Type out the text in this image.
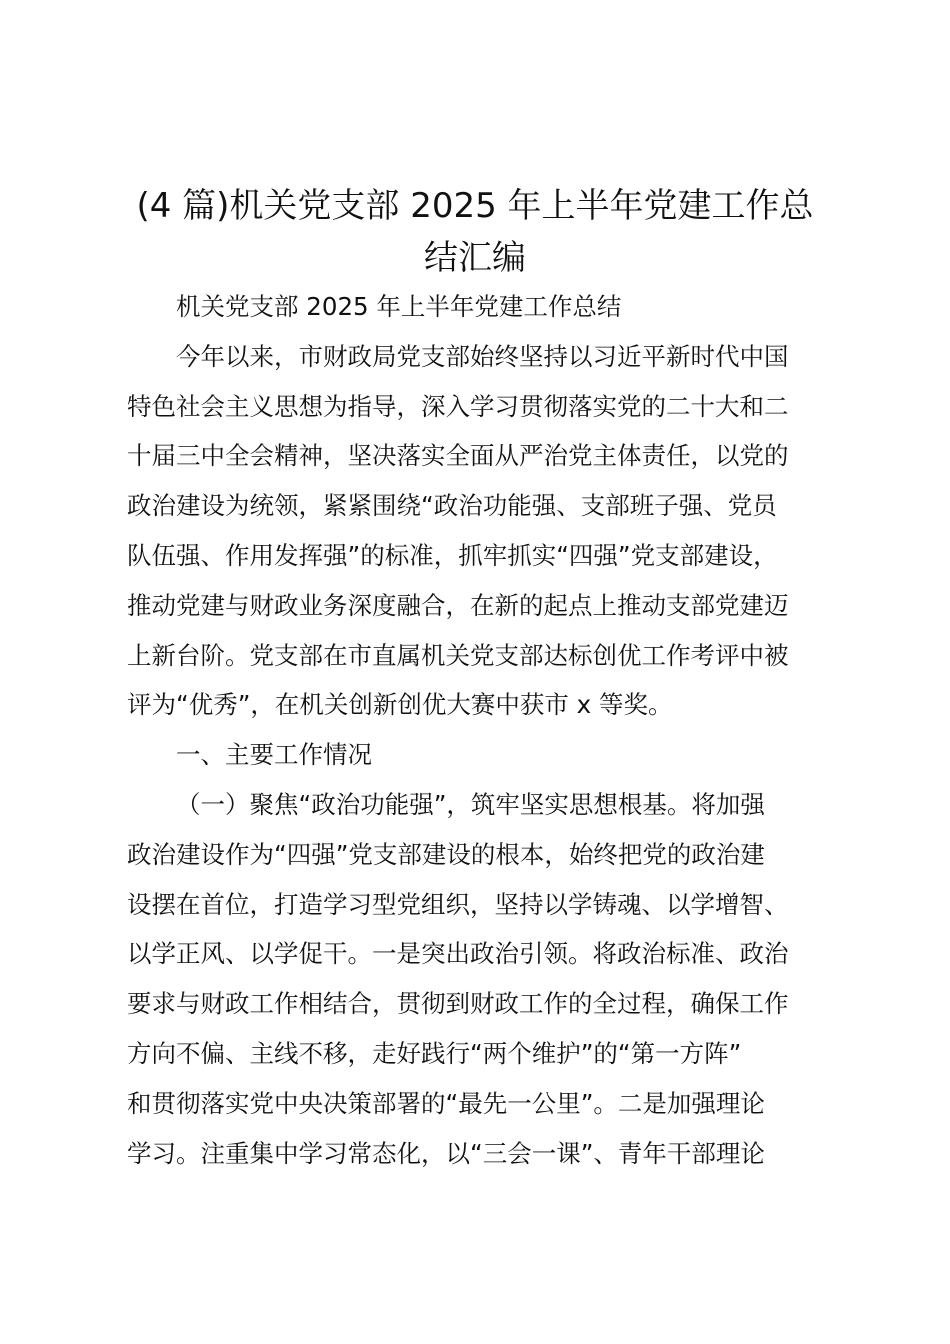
(4 篇)机关党支部 2025 年上半年党建工作总
结汇编

机关党支部 2025 年上半年党建工作总结

今年以来，市财政局党支部始终坚持以习近平新时代中国
特色社会主义思想为指导，深入学习贯彻落实党的二十大和二
十届三中全会精神，坚决落实全面从严治党主体责任，以党的
政治建设为统领，紧紧围绕“政治功能强、支部班子强、党员
队伍强、作用发挥强”的标准，抓牢抓实“四强”党支部建设，
推动党建与财政业务深度融合，在新的起点上推动支部党建迈
上新台阶。党支部在市直属机关党支部达标创优工作考评中被
评为“优秀”，在机关创新创优大赛中获市 x 等奖。

一、主要工作情况

（一）聚焦“政治功能强”，筑牢坚实思想根基。将加强
政治建设作为“四强”党支部建设的根本，始终把党的政治建
设摆在首位，打造学习型党组织，坚持以学铸魂、以学增智、
以学正风、以学促干。一是突出政治引领。将政治标准、政治
要求与财政工作相结合，贯彻到财政工作的全过程，确保工作
方向不偏、主线不移，走好践行“两个维护”的“第一方阵”
和贯彻落实党中央决策部署的“最先一公里”。二是加强理论
学习。注重集中学习常态化，以“三会一课”、青年干部理论
